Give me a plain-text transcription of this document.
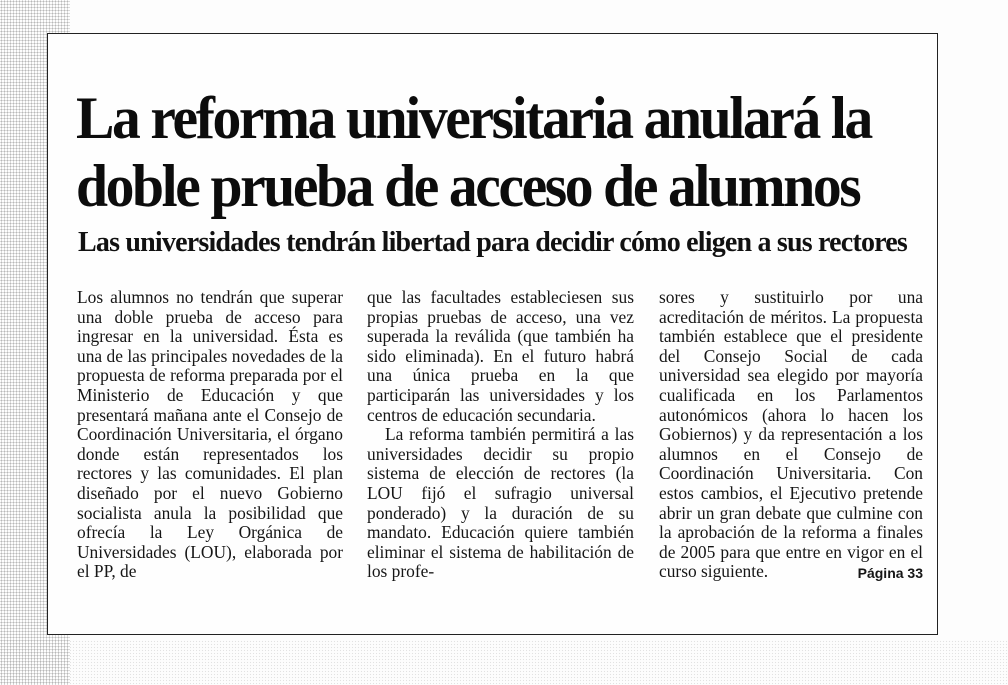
La reforma universitaria anulará la doble prueba de acceso de alumnos
Las universidades tendrán libertad para decidir cómo eligen a sus rectores

Los alumnos no tendrán que superar una doble prueba de acceso para ingresar en la universidad. Ésta es una de las principales novedades de la propuesta de reforma preparada por el Ministerio de Educación y que presentará mañana ante el Consejo de Coordinación Universitaria, el órgano donde están representados los rectores y las comunidades. El plan diseñado por el nuevo Gobierno socialista anula la posibilidad que ofrecía la Ley Orgánica de Universidades (LOU), elaborada por el PP, de

que las facultades estableciesen sus propias pruebas de acceso, una vez superada la reválida (que también ha sido eliminada). En el futuro habrá una única prueba en la que participarán las universidades y los centros de educación secundaria.

La reforma también permitirá a las universidades decidir su propio sistema de elección de rectores (la LOU fijó el sufragio universal ponderado) y la duración de su mandato. Educación quiere también eliminar el sistema de habilitación de los profe-

sores y sustituirlo por una acreditación de méritos. La propuesta también establece que el presidente del Consejo Social de cada universidad sea elegido por mayoría cualificada en los Parlamentos autonómicos (ahora lo hacen los Gobiernos) y da representación a los alumnos en el Consejo de Coordinación Universitaria. Con estos cambios, el Ejecutivo pretende abrir un gran debate que culmine con la aprobación de la reforma a finales de 2005 para que entre en vigor en el curso siguiente.	Página 33
